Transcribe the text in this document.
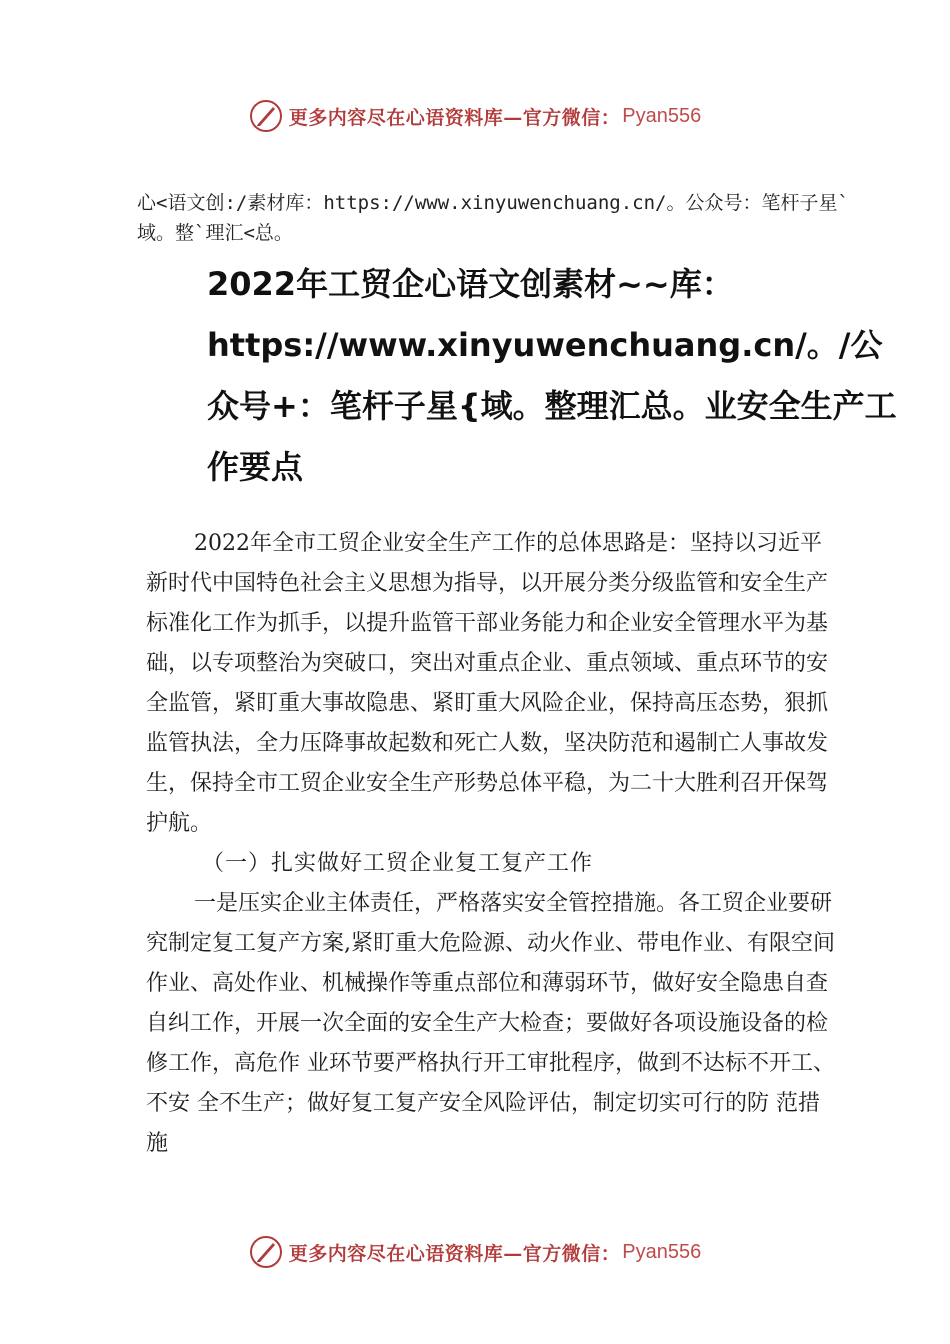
更多内容尽在心语资料库—官方微信： Pyan556
心<语文创:/素材库：https://www.xinyuwenchuang.cn/。公众号：笔杆子星`域。整`理汇<总。
2022年工贸企心语文创素材~~库：https://www.xinyuwenchuang.cn/。/公众号+：笔杆子星{域。整理汇总。业安全生产工作要点

2022年全市工贸企业安全生产工作的总体思路是：坚持以习近平新时代中国特色社会主义思想为指导，以开展分类分级监管和安全生产标准化工作为抓手，以提升监管干部业务能力和企业安全管理水平为基础，以专项整治为突破口，突出对重点企业、重点领域、重点环节的安全监管，紧盯重大事故隐患、紧盯重大风险企业，保持高压态势，狠抓监管执法，全力压降事故起数和死亡人数，坚决防范和遏制亡人事故发生，保持全市工贸企业安全生产形势总体平稳，为二十大胜利召开保驾护航。

（一）扎实做好工贸企业复工复产工作

一是压实企业主体责任，严格落实安全管控措施。各工贸企业要研究制定复工复产方案,紧盯重大危险源、动火作业、带电作业、有限空间作业、高处作业、机械操作等重点部位和薄弱环节，做好安全隐患自查自纠工作，开展一次全面的安全生产大检查；要做好各项设施设备的检修工作，高危作 业环节要严格执行开工审批程序，做到不达标不开工、不安 全不生产；做好复工复产安全风险评估，制定切实可行的防 范措施

更多内容尽在心语资料库—官方微信： Pyan556
